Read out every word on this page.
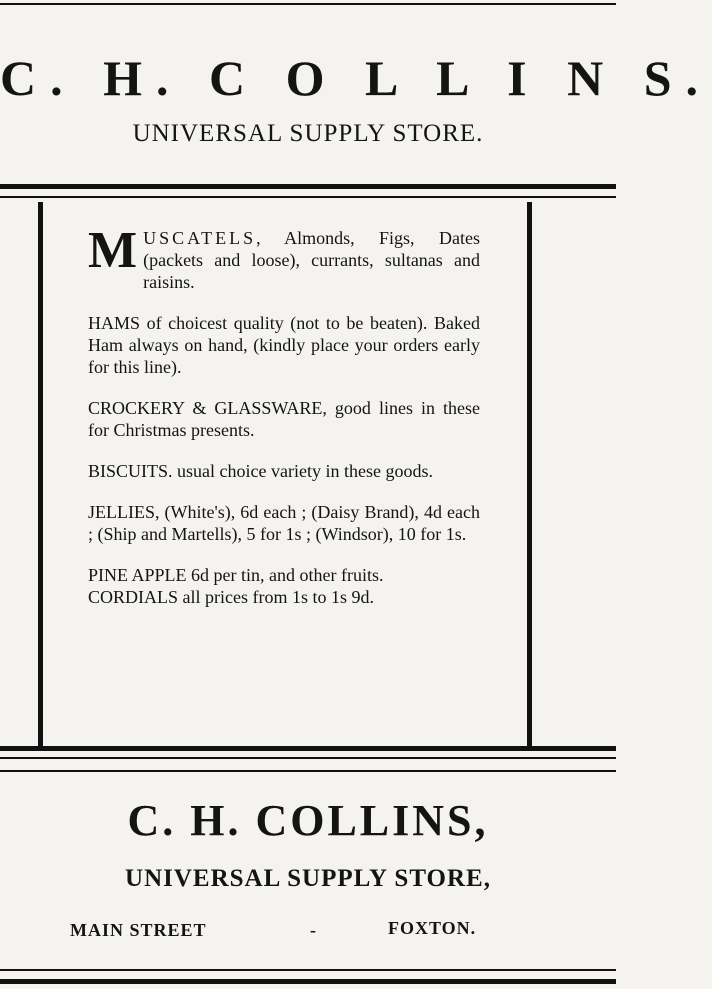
C. H. C O L L I N S.
UNIVERSAL SUPPLY STORE.

MUSCATELS, Almonds, Figs, Dates (packets and loose), currants, sultanas and raisins.

HAMS of choicest quality (not to be beaten). Baked Ham always on hand, (kindly place your orders early for this line).

CROCKERY & GLASSWARE, good lines in these for Christmas presents.

BISCUITS. usual choice variety in these goods.

JELLIES, (White's), 6d each ; (Daisy Brand), 4d each ; (Ship and Martells), 5 for 1s ; (Windsor), 10 for 1s.

PINE APPLE 6d per tin, and other fruits.

CORDIALS all prices from 1s to 1s 9d.

C. H. COLLINS,
UNIVERSAL SUPPLY STORE,
MAIN STREET	-	FOXTON.
